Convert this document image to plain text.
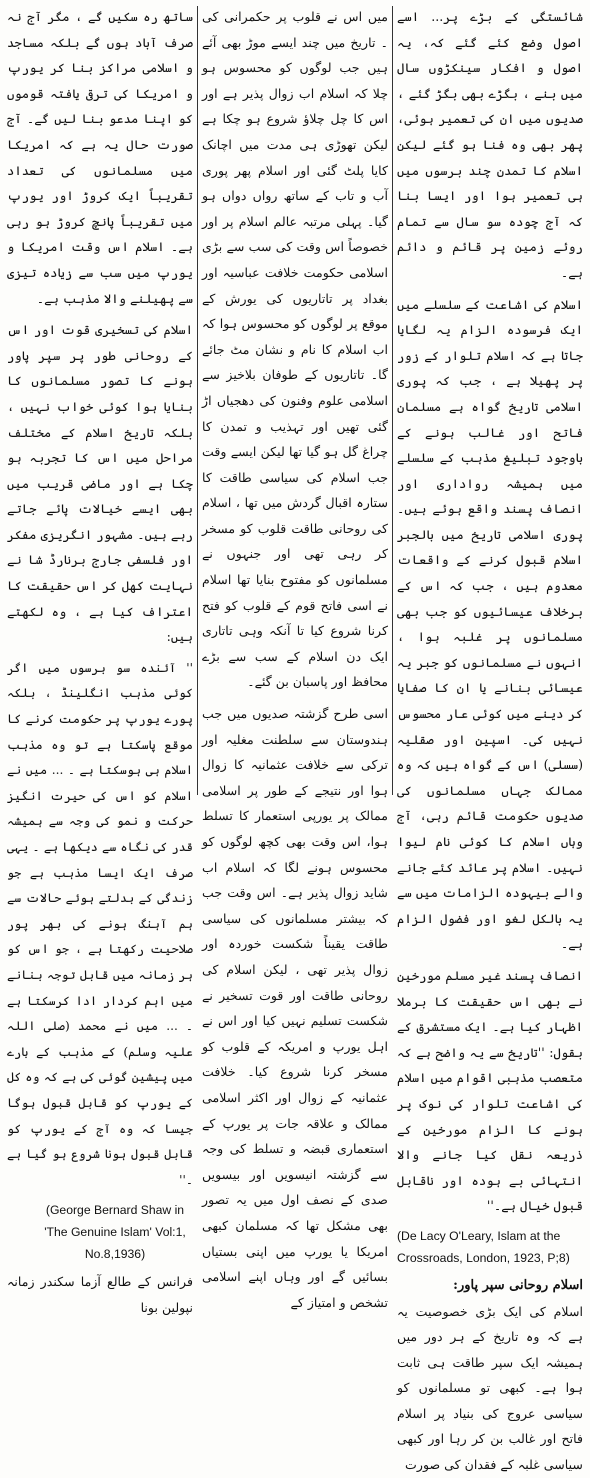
شائستگی کے بڑے پر... اسے اصول وضع کئے گئے کہ، یہ اصول و افکار سینکڑوں سال میں بنے ، بگڑے بھی بگڑ گئے ، صدیوں میں ان کی تعمیر ہوئی، پھر بھی وہ فنا ہو گئے لیکن اسلام کا تمدن چند برسوں میں ہی تعمیر ہوا اور ایسا بنا کہ آج چودہ سو سال سے تمام روئے زمین پر قائم و دائم ہے۔

اسلام کی اشاعت کے سلسلے میں ایک فرسودہ الزام یہ لگایا جاتا ہے کہ اسلام تلوار کے زور پر پھیلا ہے ، جب کہ پوری اسلامی تاریخ گواہ ہے مسلمان فاتح اور غالب ہونے کے باوجود تبلیغ مذہب کے سلسلے میں ہمیشہ رواداری اور انصاف پسند واقع ہوئے ہیں۔ پوری اسلامی تاریخ میں بالجبر اسلام قبول کرنے کے واقعات معدوم ہیں ، جب کہ اس کے برخلاف عیسائیوں کو جب بھی مسلمانوں پر غلبہ ہوا ، انہوں نے مسلمانوں کو جبر یہ عیسائی بنانے یا ان کا صفایا کر دینے میں کوئی عار محسوس نہیں کی۔ اسپین اور صقلیہ (سسلی) اس کے گواہ ہیں کہ وہ ممالک جہاں مسلمانوں کی صدیوں حکومت قائم رہی، آج وہاں اسلام کا کوئی نام لیوا نہیں۔ اسلام پر عائد کئے جانے والے بیہودہ الزامات میں سے یہ بالکل لغو اور فضول الزام ہے۔

انصاف پسند غیر مسلم مورخین نے بھی اس حقیقت کا برملا اظہار کیا ہے۔ ایک مستشرق کے بقول: ''تاریخ سے یہ واضح ہے کہ متعصب مذہبی اقوام میں اسلام کی اشاعت تلوار کی نوک پر ہونے کا الزام مورخین کے ذریعہ نقل کیا جانے والا انتہائی بے ہودہ اور ناقابل قبول خیال ہے۔''

(De Lacy O'Leary, Islam at the Crossroads, London, 1923, P;8)

اسلام روحانی سپر پاور:

اسلام کی ایک بڑی خصوصیت یہ ہے کہ وہ تاریخ کے ہر دور میں ہمیشہ ایک سپر طاقت ہی ثابت ہوا ہے۔ کبھی تو مسلمانوں کو سیاسی عروج کی بنیاد پر اسلام فاتح اور غالب بن کر رہا اور کبھی سیاسی غلبہ کے فقدان کی صورت

میں اس نے قلوب پر حکمرانی کی ۔ تاریخ میں چند ایسے موڑ بھی آئے ہیں جب لوگوں کو محسوس ہو چلا کہ اسلام اب زوال پذیر ہے اور اس کا چل چلاؤ شروع ہو چکا ہے لیکن تھوڑی ہی مدت میں اچانک کایا پلٹ گئی اور اسلام پھر پوری آب و تاب کے ساتھ رواں دواں ہو گیا۔ پہلی مرتبہ عالم اسلام پر اور خصوصاً اس وقت کی سب سے بڑی اسلامی حکومت خلافت عباسیہ اور بغداد پر تاتاریوں کی یورش کے موقع پر لوگوں کو محسوس ہوا کہ اب اسلام کا نام و نشان مٹ جائے گا۔ تاتاریوں کے طوفان بلاخیز سے اسلامی علوم وفنون کی دھجیاں اڑ گئی تھیں اور تہذیب و تمدن کا چراغ گل ہو گیا تھا لیکن ایسے وقت جب اسلام کی سیاسی طاقت کا ستارہ اقبال گردش میں تھا ، اسلام کی روحانی طاقت قلوب کو مسخر کر رہی تھی اور جنہوں نے مسلمانوں کو مفتوح بنایا تھا اسلام نے اسی فاتح قوم کے قلوب کو فتح کرنا شروع کیا تا آنکہ وہی تاتاری ایک دن اسلام کے سب سے بڑے محافظ اور پاسبان بن گئے۔

اسی طرح گزشتہ صدیوں میں جب ہندوستان سے سلطنت مغلیہ اور ترکی سے خلافت عثمانیہ کا زوال ہوا اور نتیجے کے طور پر اسلامی ممالک پر یورپی استعمار کا تسلط ہوا، اس وقت بھی کچھ لوگوں کو محسوس ہونے لگا کہ اسلام اب شاید زوال پذیر ہے۔ اس وقت جب کہ بیشتر مسلمانوں کی سیاسی طاقت یقیناً شکست خوردہ اور زوال پذیر تھی ، لیکن اسلام کی روحانی طاقت اور قوت تسخیر نے شکست تسلیم نہیں کیا اور اس نے اہل یورپ و امریکہ کے قلوب کو مسخر کرنا شروع کیا۔ خلافت عثمانیہ کے زوال اور اکثر اسلامی ممالک و علاقہ جات پر یورپ کے استعماری قبضہ و تسلط کی وجہ سے گزشتہ انیسویں اور بیسویں صدی کے نصف اول میں یہ تصور بھی مشکل تھا کہ مسلمان کبھی امریکا یا یورپ میں اپنی بستیاں بسائیں گے اور وہاں اپنے اسلامی تشخص و امتیاز کے

ساتھ رہ سکیں گے ، مگر آج نہ صرف آباد ہوں گے بلکہ مساجد و اسلامی مراکز بنا کر یورپ و امریکا کی ترقی یافتہ قوموں کو اپنا مدعو بنا لیں گے۔ آج صورت حال یہ ہے کہ امریکا میں مسلمانوں کی تعداد تقریباً ایک کروڑ اور یورپ میں تقریباً پانچ کروڑ ہو رہی ہے۔ اسلام اس وقت امریکا و یورپ میں سب سے زیادہ تیزی سے پھیلنے والا مذہب ہے۔

اسلام کی تسخیری قوت اور اس کے روحانی طور پر سپر پاور ہونے کا تصور مسلمانوں کا بنایا ہوا کوئی خواب نہیں ، بلکہ تاریخ اسلام کے مختلف مراحل میں اس کا تجربہ ہو چکا ہے اور ماضی قریب میں بھی ایسے خیالات پائے جاتے رہے ہیں۔ مشہور انگریزی مفکر اور فلسفی جارج برنارڈ شا نے نہایت کھل کر اس حقیقت کا اعتراف کیا ہے ، وہ لکھتے ہیں:

'' آئندہ سو برسوں میں اگر کوئی مذہب انگلینڈ ، بلکہ پورے یورپ پر حکومت کرنے کا موقع پاسکتا ہے تو وہ مذہب اسلام ہی ہوسکتا ہے ۔ ... میں نے اسلام کو اس کی حیرت انگیز حرکت و نمو کی وجہ سے ہمیشہ قدر کی نگاہ سے دیکھا ہے ۔ یہی صرف ایک ایسا مذہب ہے جو زندگی کے بدلتے ہوئے حالات سے ہم آہنگ ہونے کی بھر پور صلاحیت رکھتا ہے ، جو اس کو ہر زمانہ میں قابل توجہ بنانے میں اہم کردار ادا کرسکتا ہے ۔ ... میں نے محمد (صلی اللہ علیہ وسلم) کے مذہب کے بارے میں پیشین گوئی کی ہے کہ وہ کل کے یورپ کو قابل قبول ہوگا جیسا کہ وہ آج کے یورپ کو قابل قبول ہونا شروع ہو گیا ہے ۔''

(George Bernard Shaw in 'The Genuine Islam' Vol:1, No.8,1936)

فرانس کے طالع آزما سکندر زمانہ نپولین بونا
